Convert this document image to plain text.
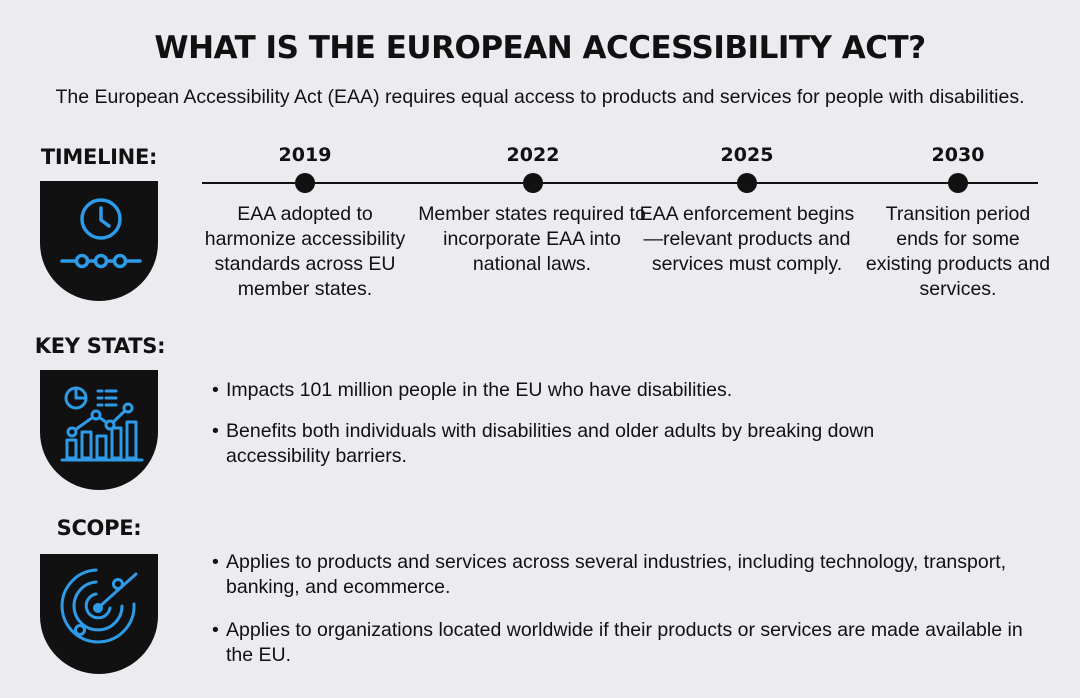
WHAT IS THE EUROPEAN ACCESSIBILITY ACT?
The European Accessibility Act (EAA) requires equal access to products and services for people with disabilities.
TIMELINE:	2019
EAA adopted to harmonize accessibility standards across EU member states.
2022
Member states required to incorporate EAA into national laws.
2025
EAA enforcement begins—relevant products and services must comply.
2030
Transition period ends for some existing products and services.
KEY STATS:
• Impacts 101 million people in the EU who have disabilities.
• Benefits both individuals with disabilities and older adults by breaking down accessibility barriers.
SCOPE:
• Applies to products and services across several industries, including technology, transport, banking, and ecommerce.
• Applies to organizations located worldwide if their products or services are made available in the EU.
